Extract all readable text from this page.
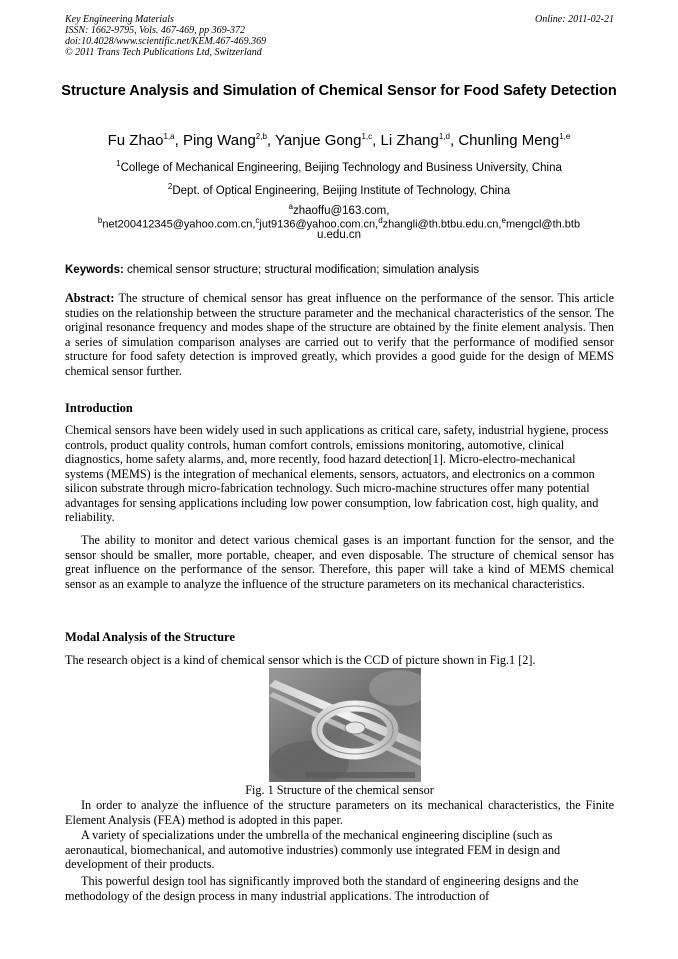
Key Engineering Materials
ISSN: 1662-9795, Vols. 467-469, pp 369-372
doi:10.4028/www.scientific.net/KEM.467-469.369
© 2011 Trans Tech Publications Ltd, Switzerland
Online: 2011-02-21
Structure Analysis and Simulation of Chemical Sensor for Food Safety Detection
Fu Zhao$^{1,a}$, Ping Wang$^{2,b}$, Yanjue Gong$^{1,c}$, Li Zhang$^{1,d}$, Chunling Meng$^{1,e}$
$^1$College of Mechanical Engineering, Beijing Technology and Business University, China
$^2$Dept. of Optical Engineering, Beijing Institute of Technology, China
$^a$zhaoffu@163.com,
$^b$net200412345@yahoo.com.cn,$^c$jut9136@yahoo.com.cn,$^d$zhangli@th.btbu.edu.cn,$^e$mengcl@th.btb
u.edu.cn
Keywords: chemical sensor structure; structural modification; simulation analysis
Abstract: The structure of chemical sensor has great influence on the performance of the sensor. This article studies on the relationship between the structure parameter and the mechanical characteristics of the sensor. The original resonance frequency and modes shape of the structure are obtained by the finite element analysis. Then a series of simulation comparison analyses are carried out to verify that the performance of modified sensor structure for food safety detection is improved greatly, which provides a good guide for the design of MEMS chemical sensor further.
Introduction
Chemical sensors have been widely used in such applications as critical care, safety, industrial hygiene, process controls, product quality controls, human comfort controls, emissions monitoring, automotive, clinical diagnostics, home safety alarms, and, more recently, food hazard detection[1]. Micro-electro-mechanical systems (MEMS) is the integration of mechanical elements, sensors, actuators, and electronics on a common silicon substrate through micro-fabrication technology. Such micro-machine structures offer many potential advantages for sensing applications including low power consumption, low fabrication cost, high quality, and reliability.
The ability to monitor and detect various chemical gases is an important function for the sensor, and the sensor should be smaller, more portable, cheaper, and even disposable. The structure of chemical sensor has great influence on the performance of the sensor. Therefore, this paper will take a kind of MEMS chemical sensor as an example to analyze the influence of the structure parameters on its mechanical characteristics.
Modal Analysis of the Structure
The research object is a kind of chemical sensor which is the CCD of picture shown in Fig.1 [2].
Fig. 1 Structure of the chemical sensor
In order to analyze the influence of the structure parameters on its mechanical characteristics, the Finite Element Analysis (FEA) method is adopted in this paper.
A variety of specializations under the umbrella of the mechanical engineering discipline (such as aeronautical, biomechanical, and automotive industries) commonly use integrated FEM in design and development of their products.
This powerful design tool has significantly improved both the standard of engineering designs and the methodology of the design process in many industrial applications. The introduction of
